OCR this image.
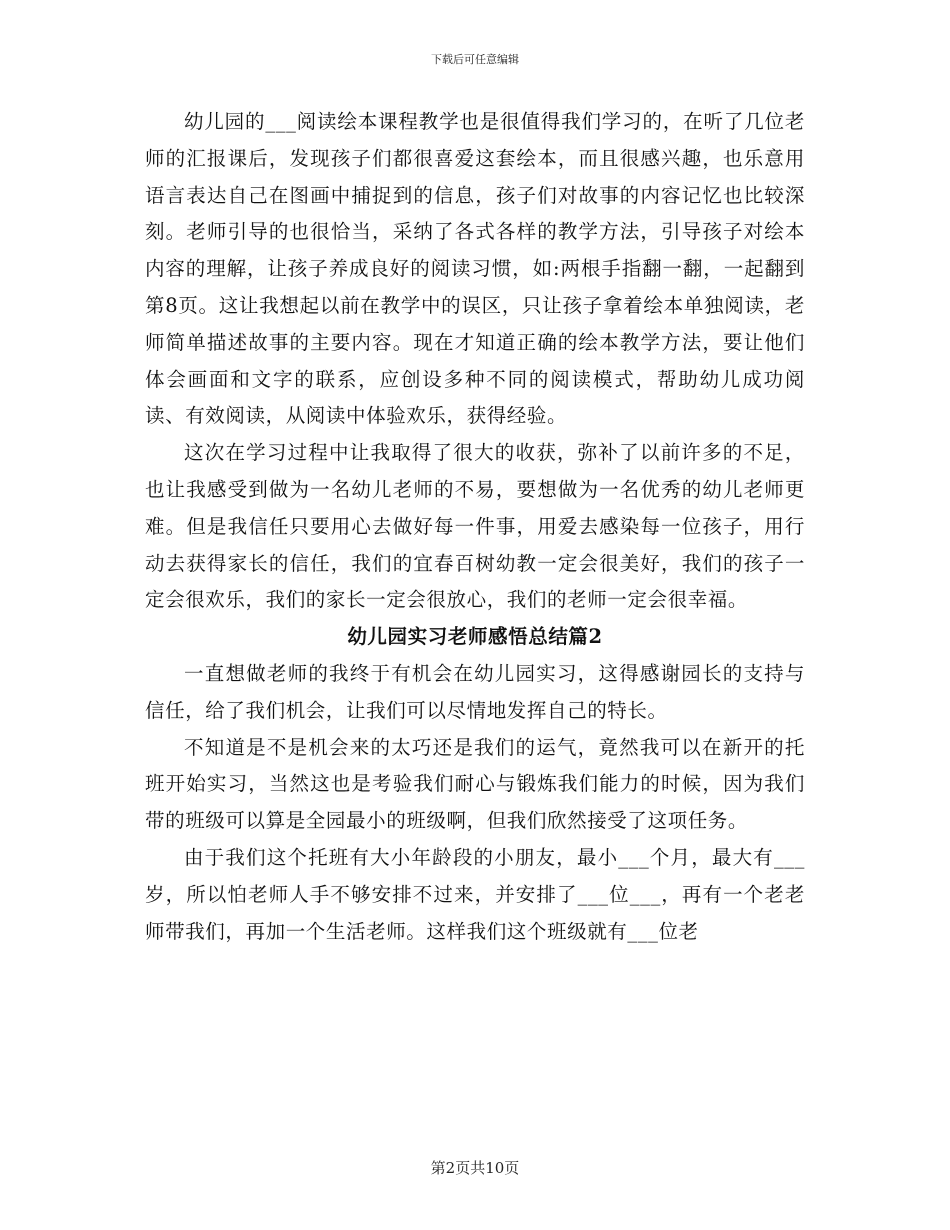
下载后可任意编辑

幼儿园的___阅读绘本课程教学也是很值得我们学习的，在听了几位老师的汇报课后，发现孩子们都很喜爱这套绘本，而且很感兴趣，也乐意用语言表达自己在图画中捕捉到的信息，孩子们对故事的内容记忆也比较深刻。老师引导的也很恰当，采纳了各式各样的教学方法，引导孩子对绘本内容的理解，让孩子养成良好的阅读习惯，如:两根手指翻一翻，一起翻到第8页。这让我想起以前在教学中的误区，只让孩子拿着绘本单独阅读，老师简单描述故事的主要内容。现在才知道正确的绘本教学方法，要让他们体会画面和文字的联系，应创设多种不同的阅读模式，帮助幼儿成功阅读、有效阅读，从阅读中体验欢乐，获得经验。

这次在学习过程中让我取得了很大的收获，弥补了以前许多的不足，也让我感受到做为一名幼儿老师的不易，要想做为一名优秀的幼儿老师更难。但是我信任只要用心去做好每一件事，用爱去感染每一位孩子，用行动去获得家长的信任，我们的宜春百树幼教一定会很美好，我们的孩子一定会很欢乐，我们的家长一定会很放心，我们的老师一定会很幸福。

幼儿园实习老师感悟总结篇2

一直想做老师的我终于有机会在幼儿园实习，这得感谢园长的支持与信任，给了我们机会，让我们可以尽情地发挥自己的特长。

不知道是不是机会来的太巧还是我们的运气，竟然我可以在新开的托班开始实习，当然这也是考验我们耐心与锻炼我们能力的时候，因为我们带的班级可以算是全园最小的班级啊，但我们欣然接受了这项任务。

由于我们这个托班有大小年龄段的小朋友，最小___个月，最大有___岁，所以怕老师人手不够安排不过来，并安排了___位___，再有一个老老师带我们，再加一个生活老师。这样我们这个班级就有___位老

第2页共10页
